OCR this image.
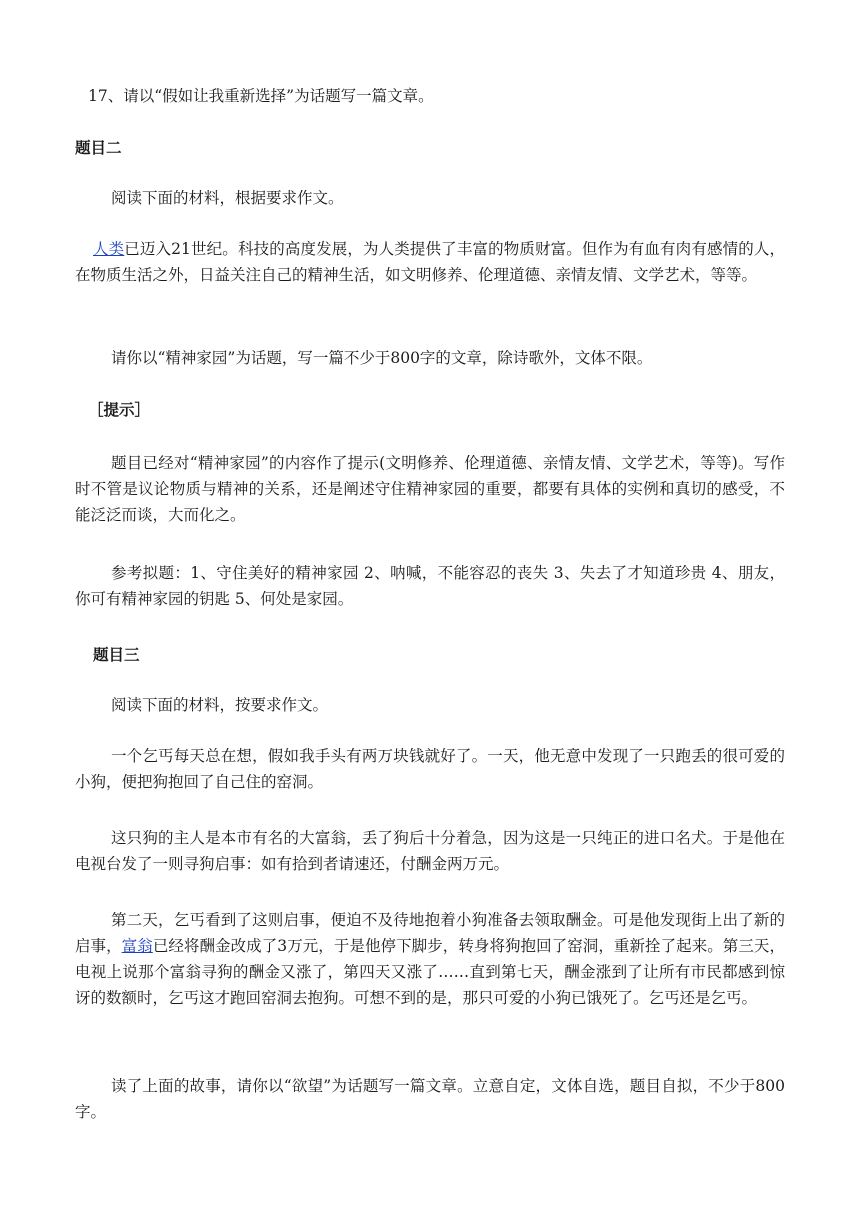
17、请以“假如让我重新选择”为话题写一篇文章。

题目二

阅读下面的材料，根据要求作文。

人类已迈入21世纪。科技的高度发展，为人类提供了丰富的物质财富。但作为有血有肉有感情的人，在物质生活之外，日益关注自己的精神生活，如文明修养、伦理道德、亲情友情、文学艺术，等等。

请你以“精神家园”为话题，写一篇不少于800字的文章，除诗歌外，文体不限。

［提示］

题目已经对“精神家园”的内容作了提示(文明修养、伦理道德、亲情友情、文学艺术，等等)。写作时不管是议论物质与精神的关系，还是阐述守住精神家园的重要，都要有具体的实例和真切的感受，不能泛泛而谈，大而化之。

参考拟题：1、守住美好的精神家园 2、呐喊，不能容忍的丧失 3、失去了才知道珍贵 4、朋友，你可有精神家园的钥匙 5、何处是家园。

题目三

阅读下面的材料，按要求作文。

一个乞丐每天总在想，假如我手头有两万块钱就好了。一天，他无意中发现了一只跑丢的很可爱的小狗，便把狗抱回了自己住的窑洞。

这只狗的主人是本市有名的大富翁，丢了狗后十分着急，因为这是一只纯正的进口名犬。于是他在电视台发了一则寻狗启事：如有拾到者请速还，付酬金两万元。

第二天，乞丐看到了这则启事，便迫不及待地抱着小狗准备去领取酬金。可是他发现街上出了新的启事，富翁已经将酬金改成了3万元，于是他停下脚步，转身将狗抱回了窑洞，重新拴了起来。第三天，电视上说那个富翁寻狗的酬金又涨了，第四天又涨了……直到第七天，酬金涨到了让所有市民都感到惊讶的数额时，乞丐这才跑回窑洞去抱狗。可想不到的是，那只可爱的小狗已饿死了。乞丐还是乞丐。

读了上面的故事，请你以“欲望”为话题写一篇文章。立意自定，文体自选，题目自拟，不少于800字。
